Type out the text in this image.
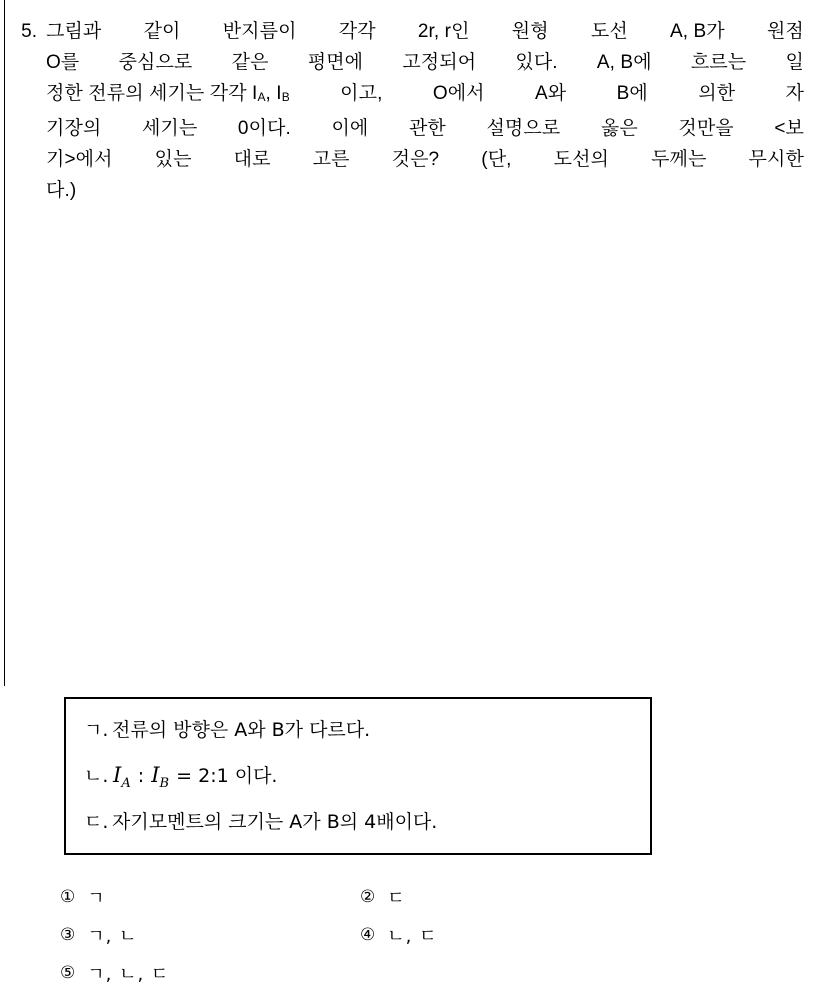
5. 그림과 같이 반지름이 각각 2r, r인 원형 도선 A, B가 원점
O를 중심으로 같은 평면에 고정되어 있다. A, B에 흐르는 일
정한 전류의 세기는 각각 $I_A$, $I_B$	이고,	O에서	A와	B에	의한	자
기장의 세기는 0이다. 이에 관한 설명으로 옳은 것만을 <보
기>에서 있는 대로 고른 것은? (단, 도선의 두께는 무시한
다.)
ㄱ. 전류의 방향은 A와 B가 다르다.
ㄴ. $I_A$ : $I_B$ = 2:1 이다.
ㄷ. 자기모멘트의 크기는 A가 B의 4배이다.
① ㄱ	② ㄷ
③ ㄱ, ㄴ	④ ㄴ, ㄷ
⑤ ㄱ, ㄴ, ㄷ
